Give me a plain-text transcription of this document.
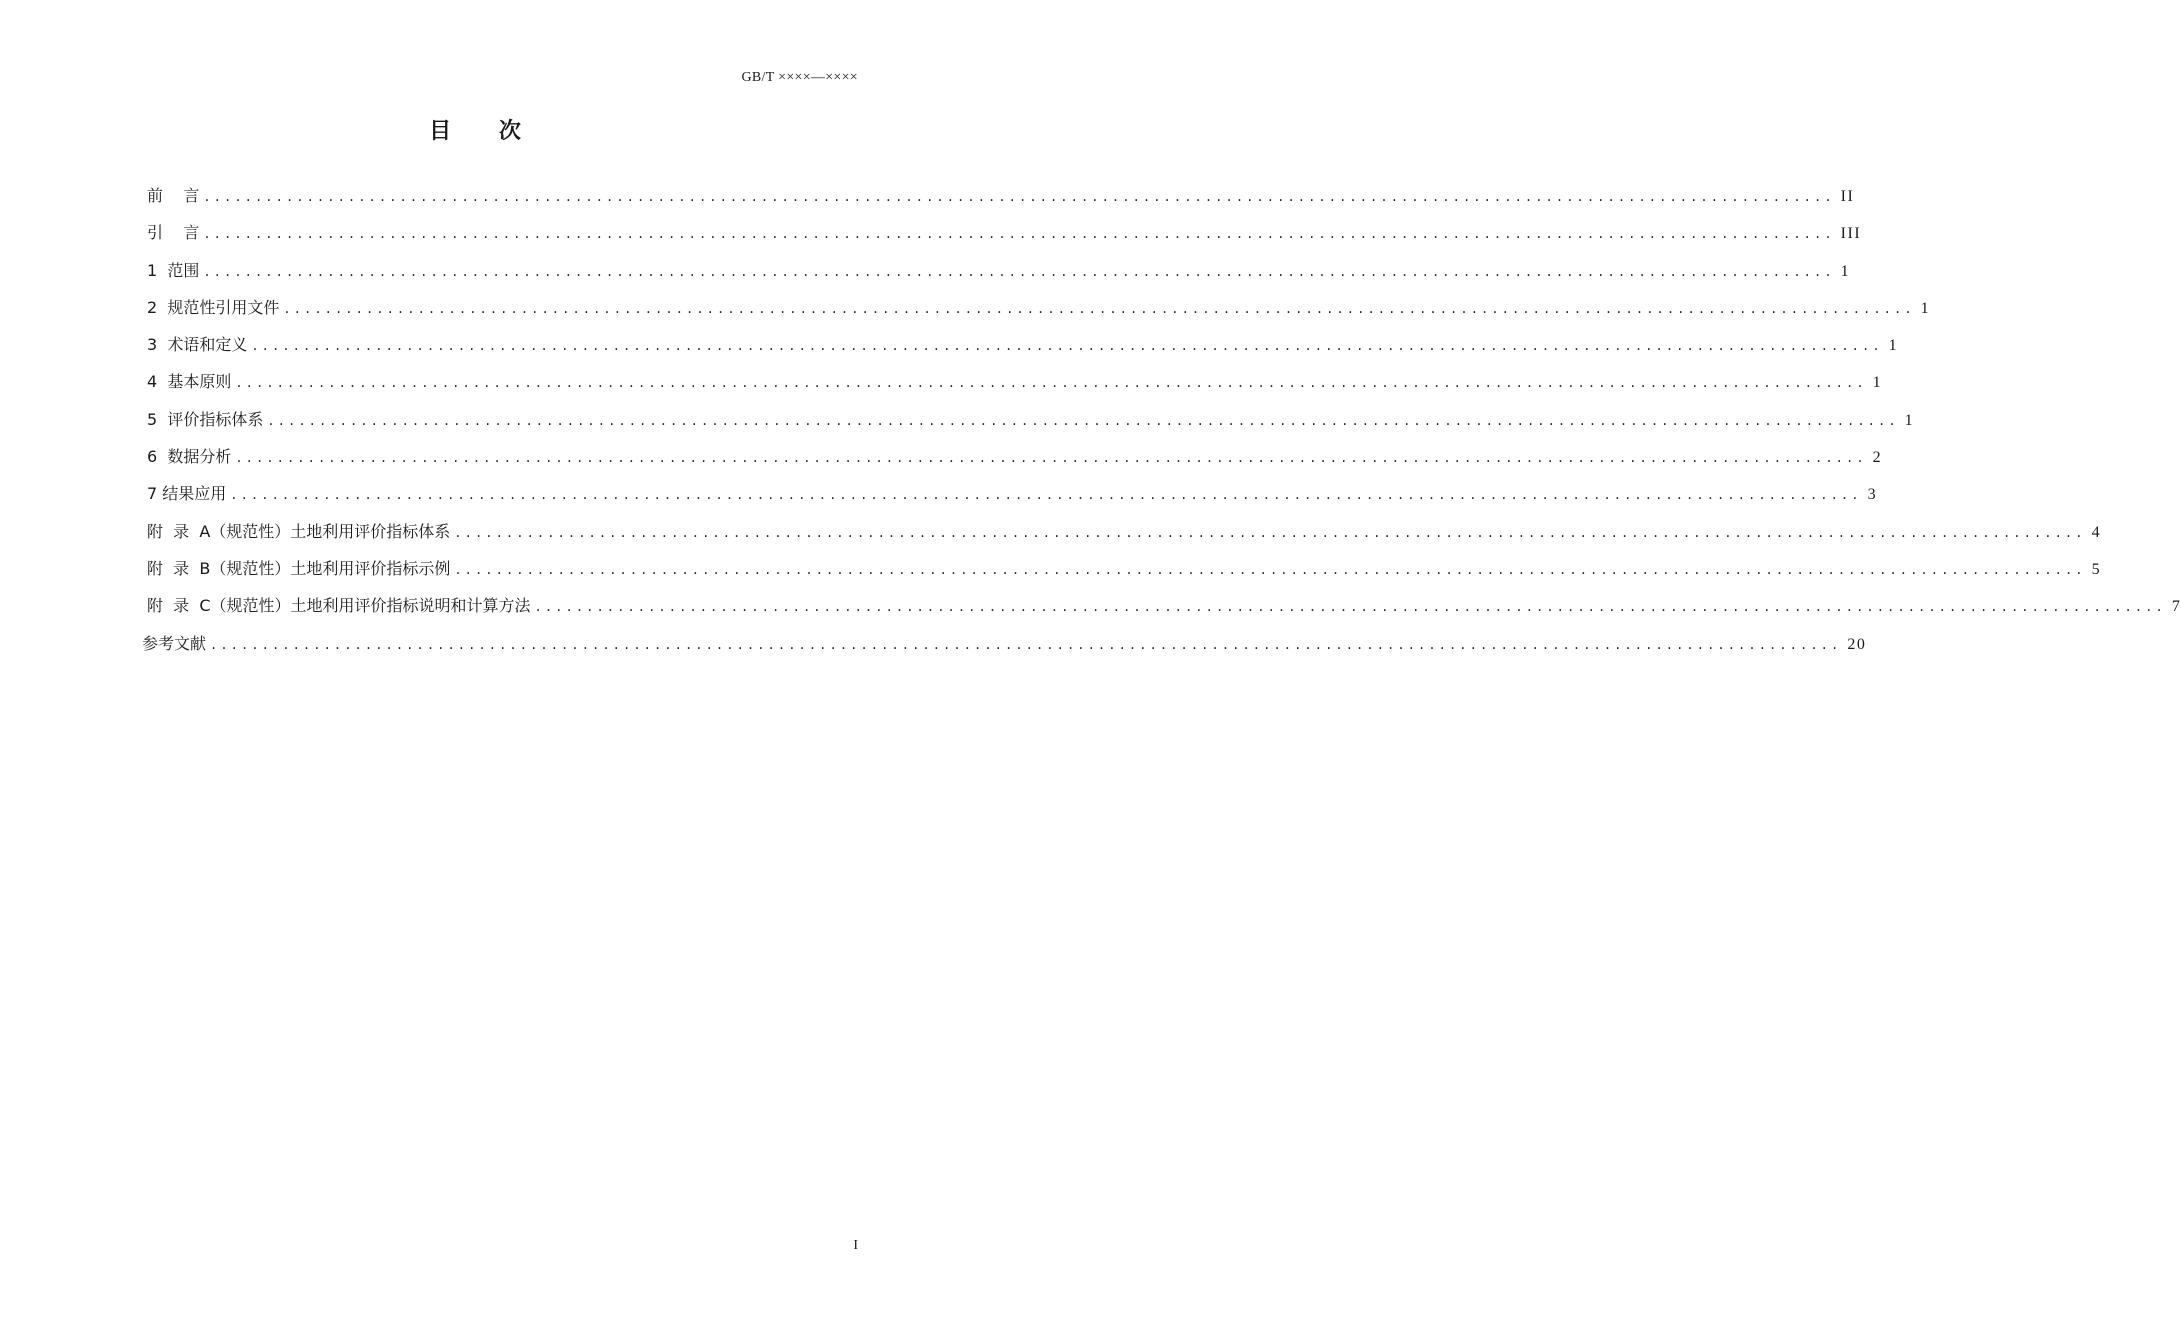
GB/T ××××—××××
目 次
前    言 .............................................................................................................................................................. II
引    言 .............................................................................................................................................................. III
1  范围 .............................................................................................................................................................. 1
2  规范性引用文件 .............................................................................................................................................................. 1
3  术语和定义 .............................................................................................................................................................. 1
4  基本原则 .............................................................................................................................................................. 1
5  评价指标体系 .............................................................................................................................................................. 1
6  数据分析 .............................................................................................................................................................. 2
7 结果应用 .............................................................................................................................................................. 3
附  录  A（规范性）土地利用评价指标体系 .............................................................................................................................................................. 4
附  录  B（规范性）土地利用评价指标示例 .............................................................................................................................................................. 5
附  录  C（规范性）土地利用评价指标说明和计算方法 .............................................................................................................................................................. 7
参考文献 .............................................................................................................................................................. 20
I
